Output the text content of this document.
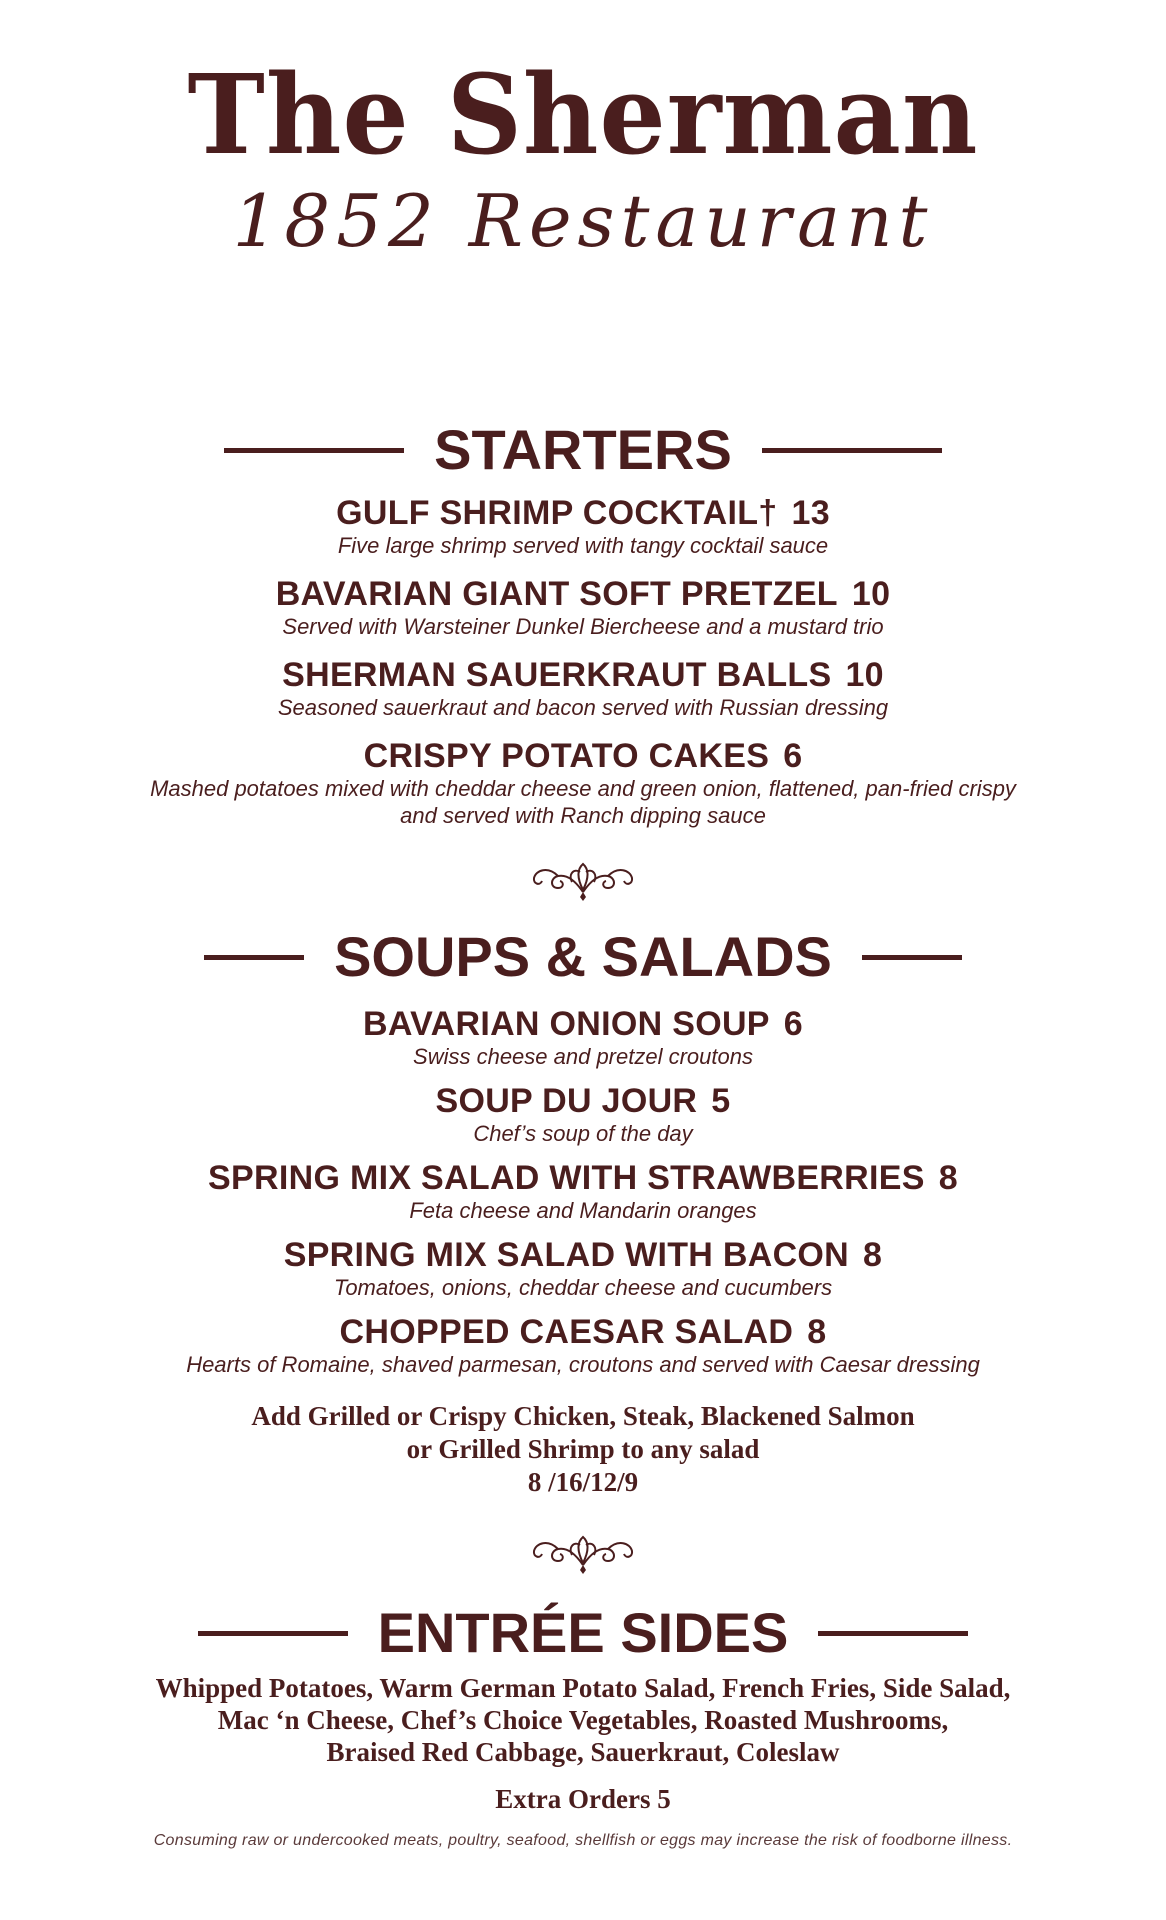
The Sherman
1852 Restaurant
STARTERS
GULF SHRIMP COCKTAIL† 13
Five large shrimp served with tangy cocktail sauce
BAVARIAN GIANT SOFT PRETZEL 10
Served with Warsteiner Dunkel Biercheese and a mustard trio
SHERMAN SAUERKRAUT BALLS 10
Seasoned sauerkraut and bacon served with Russian dressing
CRISPY POTATO CAKES 6
Mashed potatoes mixed with cheddar cheese and green onion, flattened, pan-fried crispy
and served with Ranch dipping sauce
SOUPS & SALADS
BAVARIAN ONION SOUP 6
Swiss cheese and pretzel croutons
SOUP DU JOUR 5
Chef’s soup of the day
SPRING MIX SALAD WITH STRAWBERRIES 8
Feta cheese and Mandarin oranges
SPRING MIX SALAD WITH BACON 8
Tomatoes, onions, cheddar cheese and cucumbers
CHOPPED CAESAR SALAD 8
Hearts of Romaine, shaved parmesan, croutons and served with Caesar dressing
Add Grilled or Crispy Chicken, Steak, Blackened Salmon
or Grilled Shrimp to any salad
8 /16/12/9
ENTRÉE SIDES
Whipped Potatoes, Warm German Potato Salad, French Fries, Side Salad,
Mac ‘n Cheese, Chef’s Choice Vegetables, Roasted Mushrooms,
Braised Red Cabbage, Sauerkraut, Coleslaw
Extra Orders 5
Consuming raw or undercooked meats, poultry, seafood, shellfish or eggs may increase the risk of foodborne illness.
